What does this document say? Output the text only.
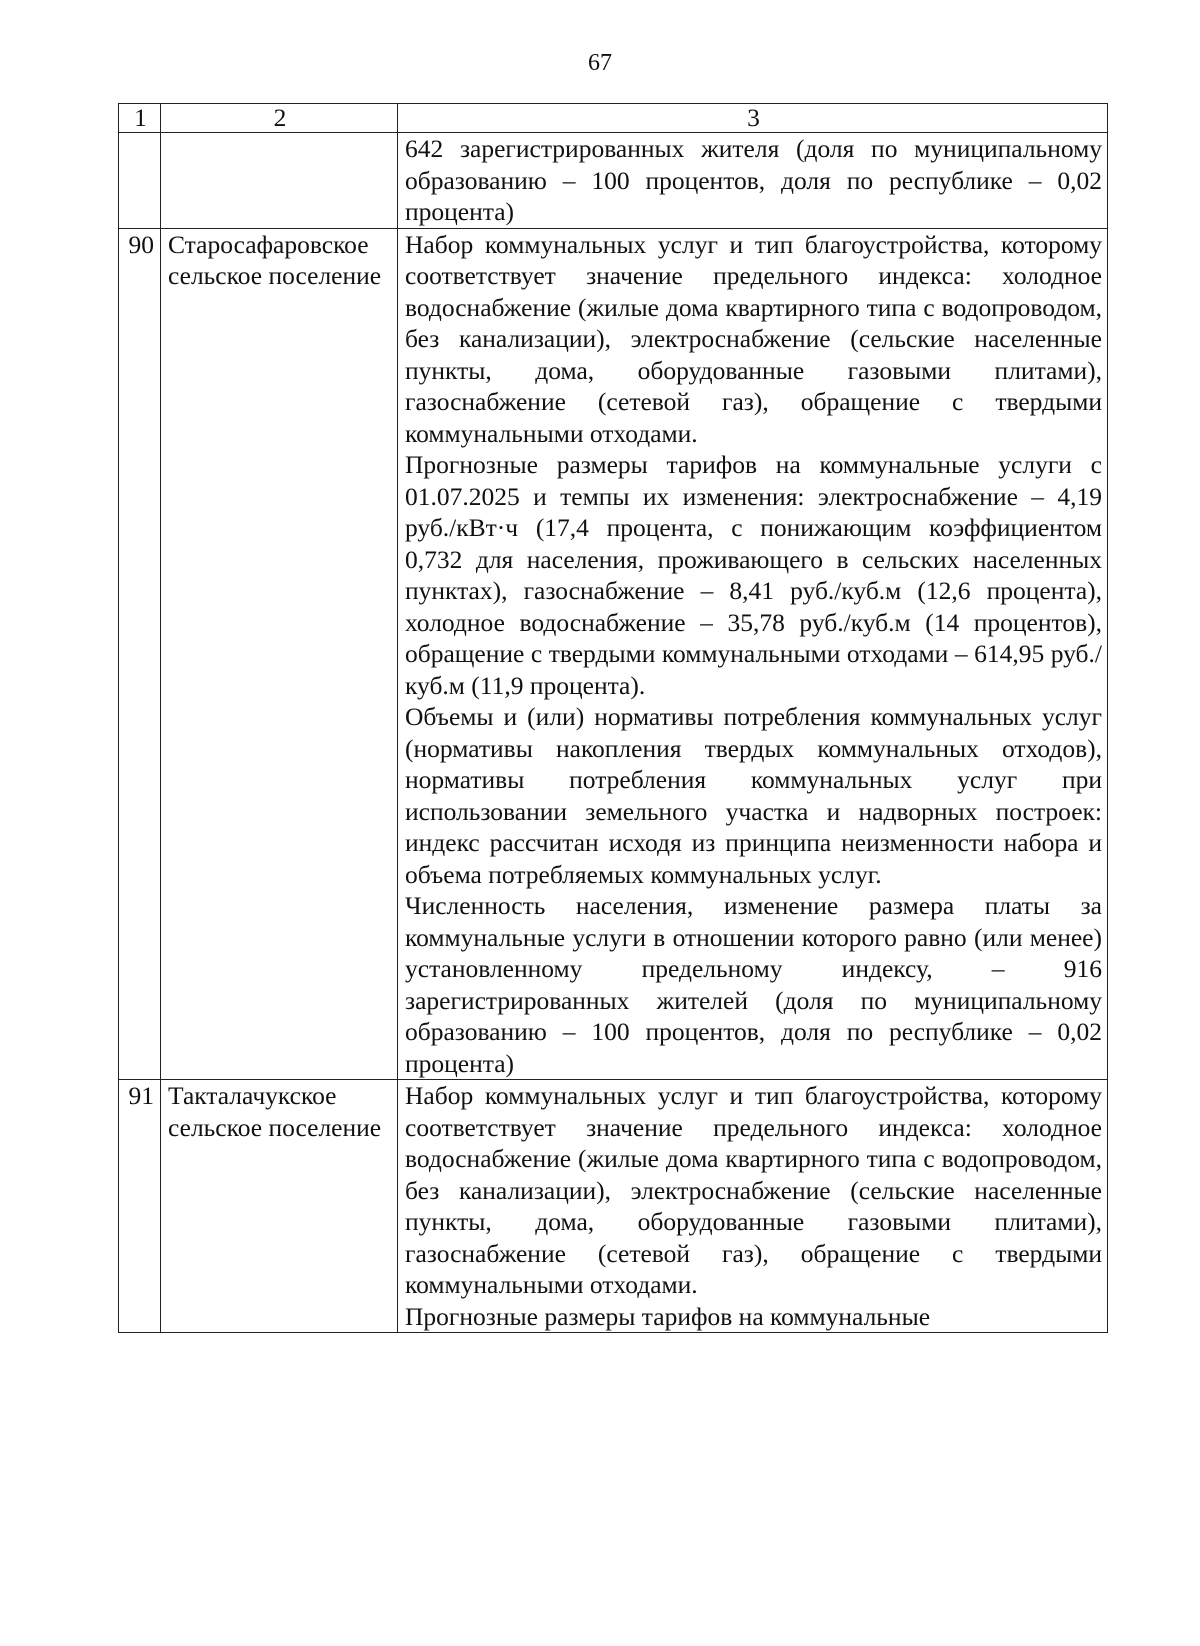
67
1	2	3

		642 зарегистрированных жителя (доля по муниципальному образованию – 100 процентов, доля по республике – 0,02 процента)

90	Старосафаровское сельское поселение	Набор коммунальных услуг и тип благоустройства, которому соответствует значение предельного индекса: холодное водоснабжение (жилые дома квартирного типа с водопроводом, без канализации), электроснабжение (сельские населенные пункты, дома, оборудованные газовыми плитами), газоснабжение (сетевой газ), обращение с твердыми коммунальными отходами.

Прогнозные размеры тарифов на коммунальные услуги с 01.07.2025 и темпы их изменения: электроснабжение – 4,19 руб./кВт·ч (17,4 процента, с понижающим коэффициентом 0,732 для населения, проживающего в сельских населенных пунктах), газоснабжение – 8,41 руб./куб.м (12,6 процента), холодное водоснабжение – 35,78 руб./куб.м (14 процентов), обращение с твердыми коммунальными отходами – 614,95 руб./куб.м (11,9 процента).

Объемы и (или) нормативы потребления коммунальных услуг (нормативы накопления твердых коммунальных отходов), нормативы потребления коммунальных услуг при использовании земельного участка и надворных построек: индекс рассчитан исходя из принципа неизменности набора и объема потребляемых коммунальных услуг.

Численность населения, изменение размера платы за коммунальные услуги в отношении которого равно (или менее) установленному предельному индексу, – 916 зарегистрированных жителей (доля по муниципальному образованию – 100 процентов, доля по республике – 0,02 процента)

91	Такталачукское сельское поселение	Набор коммунальных услуг и тип благоустройства, которому соответствует значение предельного индекса: холодное водоснабжение (жилые дома квартирного типа с водопроводом, без канализации), электроснабжение (сельские населенные пункты, дома, оборудованные газовыми плитами), газоснабжение (сетевой газ), обращение с твердыми коммунальными отходами.

Прогнозные размеры тарифов на коммунальные
